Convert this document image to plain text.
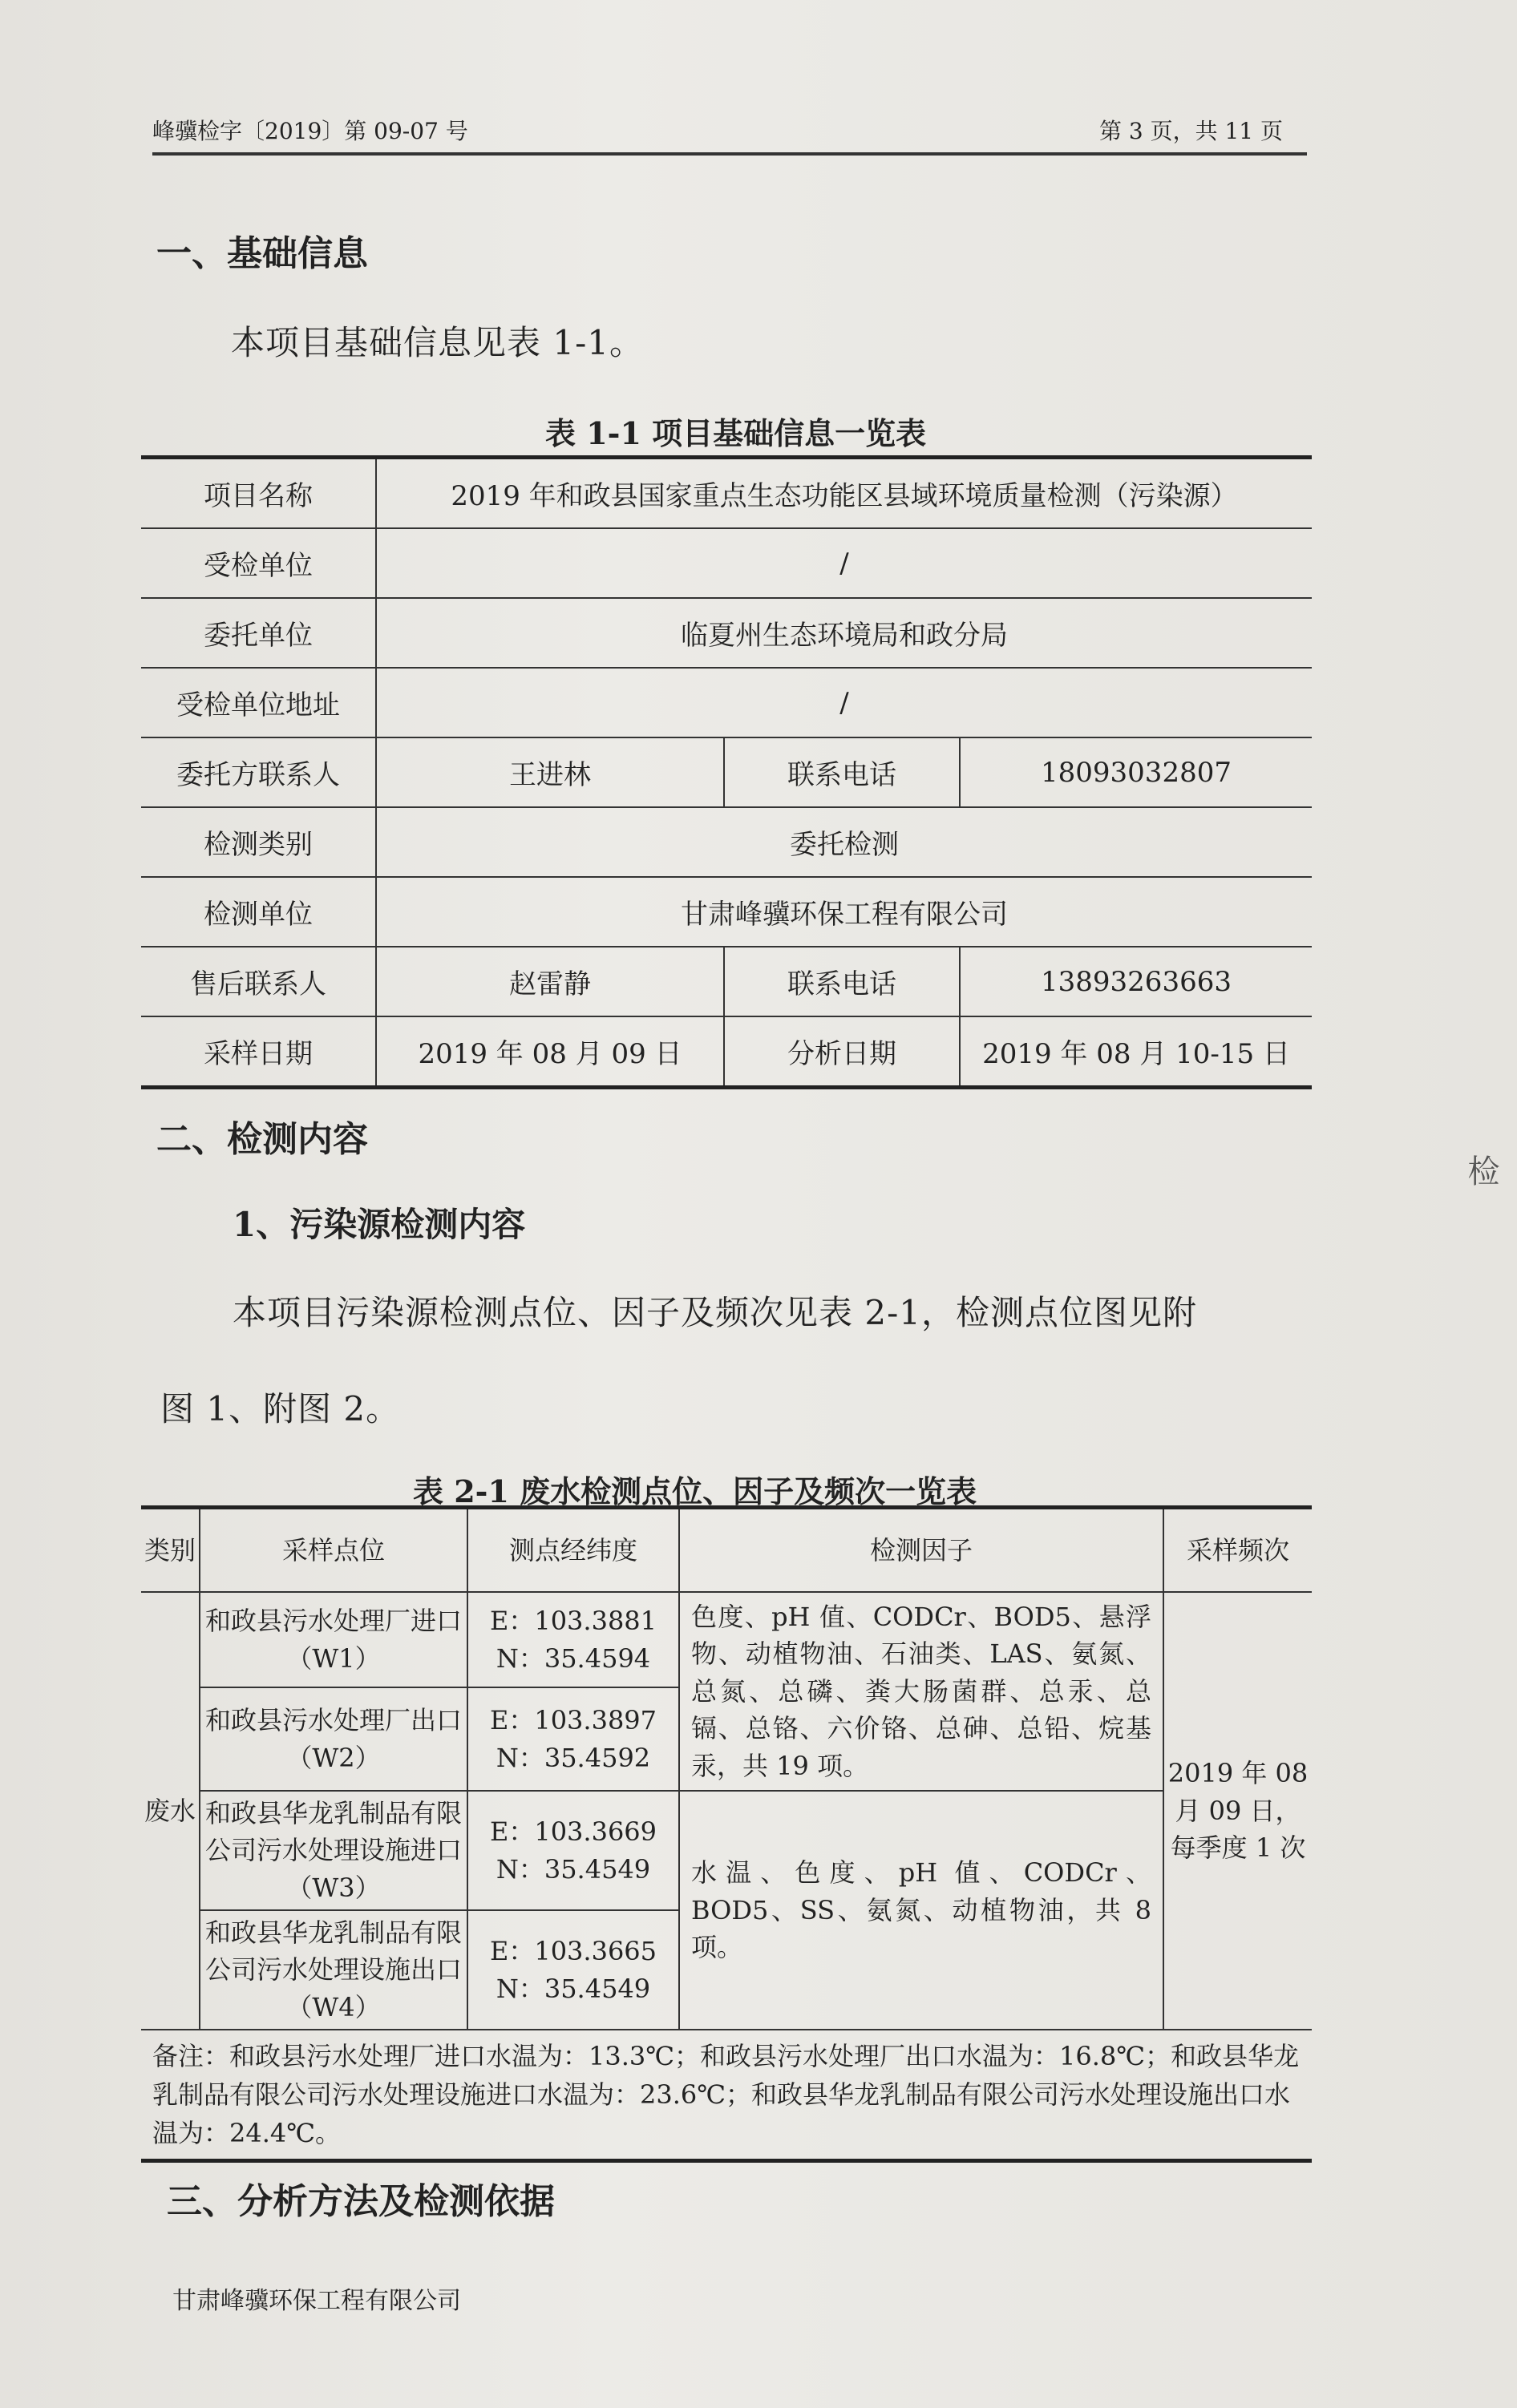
峰骥检字〔2019〕第 09-07 号	第 3 页，共 11 页
一、基础信息
本项目基础信息见表 1-1。
表 1-1 项目基础信息一览表
项目名称	2019 年和政县国家重点生态功能区县域环境质量检测（污染源）		
受检单位	/		
委托单位	临夏州生态环境局和政分局		
受检单位地址	/		
委托方联系人	王进林	联系电话	18093032807
检测类别	委托检测		
检测单位	甘肃峰骥环保工程有限公司		
售后联系人	赵雷静	联系电话	13893263663
采样日期	2019 年 08 月 09 日	分析日期	2019 年 08 月 10-15 日
二、检测内容
1、污染源检测内容
本项目污染源检测点位、因子及频次见表 2-1，检测点位图见附
图 1、附图 2。
表 2-1 废水检测点位、因子及频次一览表
类别	采样点位	测点经纬度	检测因子	采样频次
废水	和政县污水处理厂进口（W1）	E：103.3881
N：35.4594	色度、pH 值、CODCr、BOD5、悬浮物、动植物油、石油类、LAS、氨氮、总氮、总磷、粪大肠菌群、总汞、总镉、总铬、六价铬、总砷、总铅、烷基汞，共 19 项。	2019 年 08 月 09 日，每季度 1 次
	和政县污水处理厂出口（W2）	E：103.3897
N：35.4592		

	和政县华龙乳制品有限公司污水处理设施进口（W3）	E：103.3669
N：35.4549	水温、色度、pH 值、CODCr、BOD5、SS、氨氮、动植物油，共 8 项。	
	和政县华龙乳制品有限公司污水处理设施出口（W4）	E：103.3665
N：35.4549		

备注：和政县污水处理厂进口水温为：13.3℃；和政县污水处理厂出口水温为：16.8℃；和政县华龙乳制品有限公司污水处理设施进口水温为：23.6℃；和政县华龙乳制品有限公司污水处理设施出口水温为：24.4℃。				
三、分析方法及检测依据
甘肃峰骥环保工程有限公司
检
